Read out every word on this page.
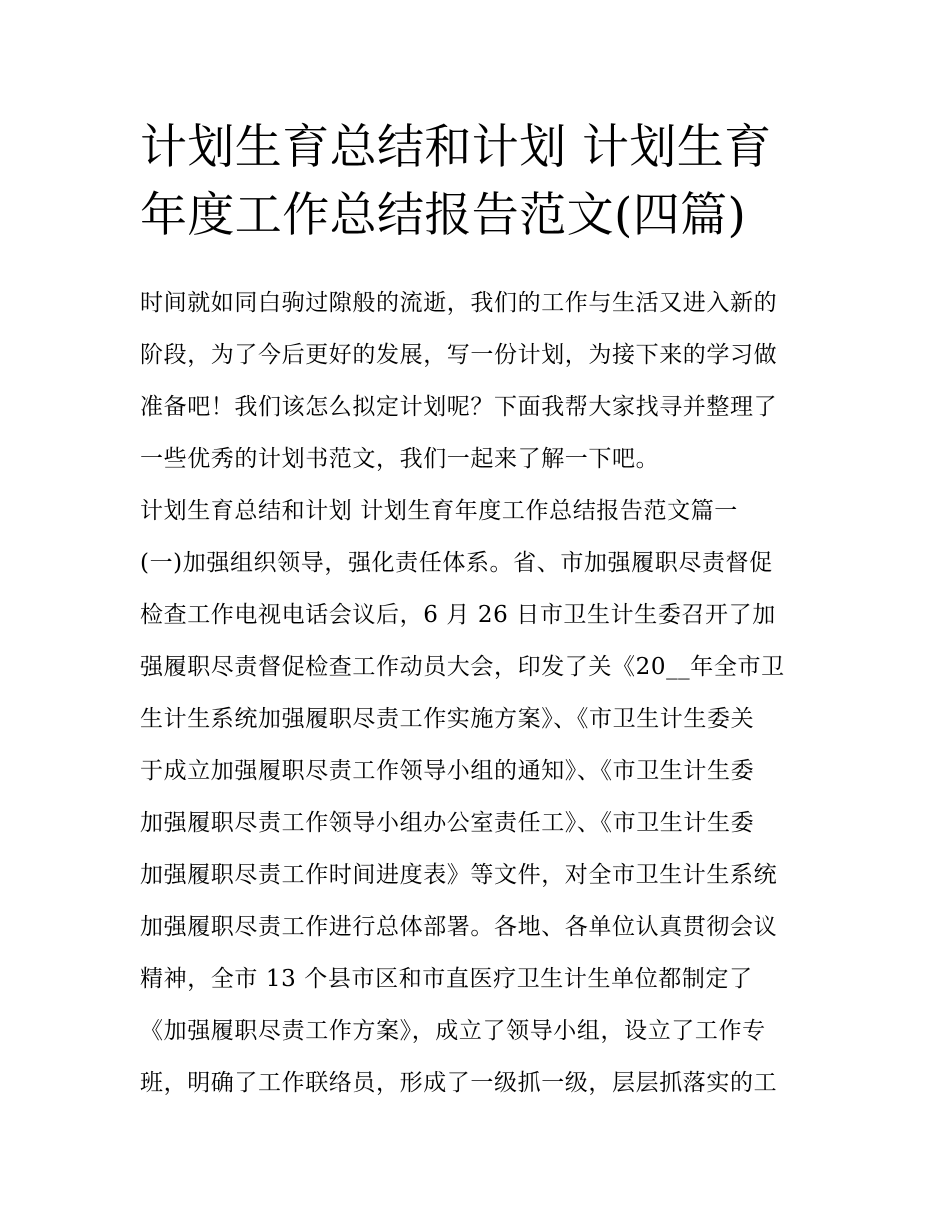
计划生育总结和计划 计划生育
年度工作总结报告范文(四篇)
时间就如同白驹过隙般的流逝，我们的工作与生活又进入新的
阶段，为了今后更好的发展，写一份计划，为接下来的学习做
准备吧！我们该怎么拟定计划呢？下面我帮大家找寻并整理了
一些优秀的计划书范文，我们一起来了解一下吧。
计划生育总结和计划 计划生育年度工作总结报告范文篇一
(一)加强组织领导，强化责任体系。省、市加强履职尽责督促
检查工作电视电话会议后，6 月 26 日市卫生计生委召开了加
强履职尽责督促检查工作动员大会，印发了关《20__年全市卫
生计生系统加强履职尽责工作实施方案》、《市卫生计生委关
于成立加强履职尽责工作领导小组的通知》、《市卫生计生委
加强履职尽责工作领导小组办公室责任工》、《市卫生计生委
加强履职尽责工作时间进度表》等文件，对全市卫生计生系统
加强履职尽责工作进行总体部署。各地、各单位认真贯彻会议
精神，全市 13 个县市区和市直医疗卫生计生单位都制定了
《加强履职尽责工作方案》，成立了领导小组，设立了工作专
班，明确了工作联络员，形成了一级抓一级，层层抓落实的工
